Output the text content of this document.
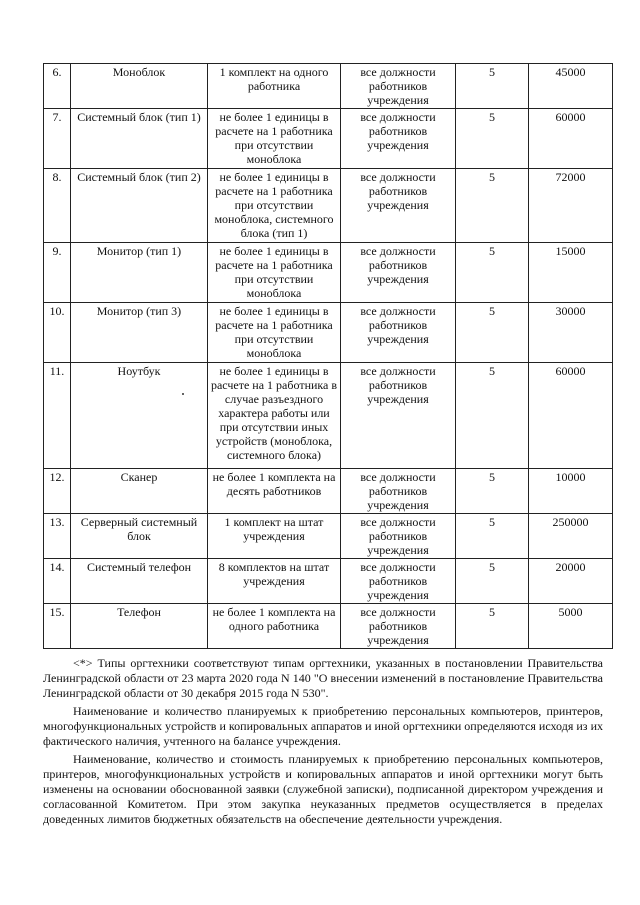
6.	Моноблок	1 комплект на одного работника	все должности работников учреждения	5	45000
7.	Системный блок (тип 1)	не более 1 единицы в расчете на 1 работника при отсутствии моноблока	все должности работников учреждения	5	60000
8.	Системный блок (тип 2)	не более 1 единицы в расчете на 1 работника при отсутствии моноблока, системного блока (тип 1)	все должности работников учреждения	5	72000
9.	Монитор (тип 1)	не более 1 единицы в расчете на 1 работника при отсутствии моноблока	все должности работников учреждения	5	15000
10.	Монитор (тип 3)	не более 1 единицы в расчете на 1 работника при отсутствии моноблока	все должности работников учреждения	5	30000
11.	Ноутбук	не более 1 единицы в расчете на 1 работника в случае разъездного характера работы или при отсутствии иных устройств (моноблока, системного блока)	все должности работников учреждения	5	60000
12.	Сканер	не более 1 комплекта на десять работников	все должности работников учреждения	5	10000
13.	Серверный системный блок	1 комплект на штат учреждения	все должности работников учреждения	5	250000
14.	Системный телефон	8 комплектов на штат учреждения	все должности работников учреждения	5	20000
15.	Телефон	не более 1 комплекта на одного работника	все должности работников учреждения	5	5000

<*> Типы оргтехники соответствуют типам оргтехники, указанных в постановлении Правительства Ленинградской области от 23 марта 2020 года N 140 "О внесении изменений в постановление Правительства Ленинградской области от 30 декабря 2015 года N 530".

Наименование и количество планируемых к приобретению персональных компьютеров, принтеров, многофункциональных устройств и копировальных аппаратов и иной оргтехники определяются исходя из их фактического наличия, учтенного на балансе учреждения.

Наименование, количество и стоимость планируемых к приобретению персональных компьютеров, принтеров, многофункциональных устройств и копировальных аппаратов и иной оргтехники могут быть изменены на основании обоснованной заявки (служебной записки), подписанной директором учреждения и согласованной Комитетом. При этом закупка неуказанных предметов осуществляется в пределах доведенных лимитов бюджетных обязательств на обеспечение деятельности учреждения.
